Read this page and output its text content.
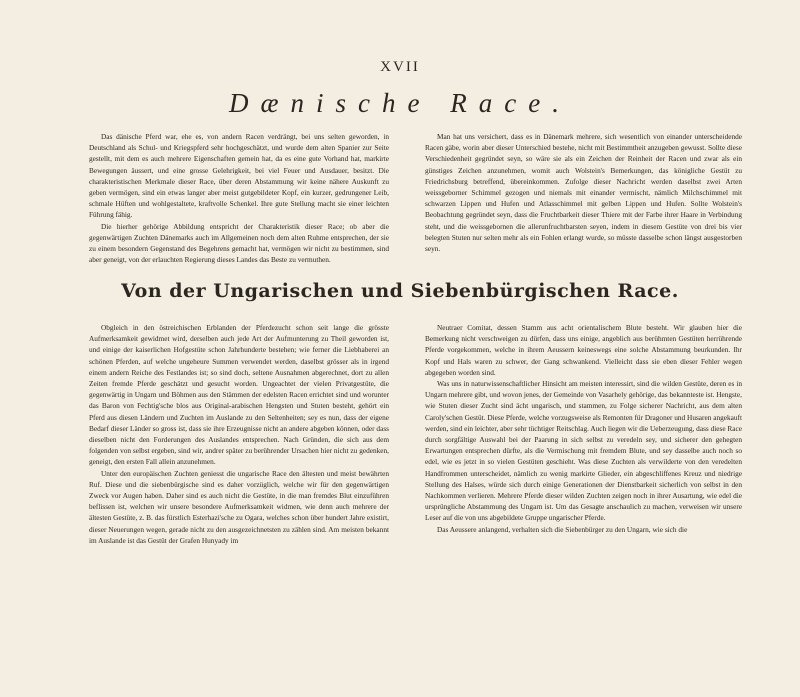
XVII
Dænische Race.

Das dänische Pferd war, ehe es, von andern Racen verdrängt, bei uns selten geworden, in Deutschland als Schul- und Kriegspferd sehr hochgeschätzt, und wurde dem alten Spanier zur Seite gestellt, mit dem es auch mehrere Eigenschaften gemein hat, da es eine gute Vorhand hat, markirte Bewegungen äussert, und eine grosse Gelehrigkeit, bei viel Feuer und Ausdauer, besitzt. Die charakteristischen Merkmale dieser Race, über deren Abstammung wir keine nähere Auskunft zu geben vermögen, sind ein etwas langer aber meist gutgebildeter Kopf, ein kurzer, gedrungener Leib, schmale Hüften und wohlgestaltete, kraftvolle Schenkel. Ihre gute Stellung macht sie einer leichten Führung fähig.

Die hierher gehörige Abbildung entspricht der Charakteristik dieser Race; ob aber die gegenwärtigen Zuchten Dänemarks auch im Allgemeinen noch dem alten Ruhme entsprechen, der sie zu einem besondern Gegenstand des Begehrens gemacht hat, vermögen wir nicht zu bestimmen, sind aber geneigt, von der erlauchten Regierung dieses Landes das Beste zu vermuthen.

Man hat uns versichert, dass es in Dänemark mehrere, sich wesentlich von einander unterscheidende Racen gäbe, worin aber dieser Unterschied bestehe, nicht mit Bestimmtheit anzugeben gewusst. Sollte diese Verschiedenheit gegründet seyn, so wäre sie als ein Zeichen der Reinheit der Racen und zwar als ein günstiges Zeichen anzunehmen, womit auch Wolstein's Bemerkungen, das königliche Gestüt zu Friedrichsburg betreffend, übereinkommen. Zufolge dieser Nachricht werden daselbst zwei Arten weissgeborner Schimmel gezogen und niemals mit einander vermischt, nämlich Milchschimmel mit schwarzen Lippen und Hufen und Atlasschimmel mit gelben Lippen und Hufen. Sollte Wolstein's Beobachtung gegründet seyn, dass die Fruchtbarkeit dieser Thiere mit der Farbe ihrer Haare in Verbindung steht, und die weissgebornen die allerunfruchtbarsten seyen, indem in diesem Gestüte von drei bis vier belegten Stuten nur selten mehr als ein Fohlen erlangt wurde, so müsste dasselbe schon längst ausgestorben seyn.

Von der Ungarischen und Siebenbürgischen Race.

Obgleich in den östreichischen Erblanden der Pferdezucht schon seit lange die grösste Aufmerksamkeit gewidmet wird, derselben auch jede Art der Aufmunterung zu Theil geworden ist, und einige der kaiserlichen Hofgestüte schon Jahrhunderte bestehen; wie ferner die Liebhaberei an schönen Pferden, auf welche ungeheure Summen verwendet werden, daselbst grösser als in irgend einem andern Reiche des Festlandes ist; so sind doch, seltene Ausnahmen abgerechnet, dort zu allen Zeiten fremde Pferde geschätzt und gesucht worden. Ungeachtet der vielen Privatgestüte, die gegenwärtig in Ungarn und Böhmen aus den Stämmen der edelsten Racen errichtet sind und worunter das Baron von Fechtig'sche blos aus Original-arabischen Hengsten und Stuten besteht, gehört ein Pferd aus diesen Ländern und Zuchten im Auslande zu den Seltenheiten; sey es nun, dass der eigene Bedarf dieser Länder so gross ist, dass sie ihre Erzeugnisse nicht an andere abgeben können, oder dass dieselben nicht den Forderungen des Auslandes entsprechen. Nach Gründen, die sich aus dem folgenden von selbst ergeben, sind wir, andrer später zu berührender Ursachen hier nicht zu gedenken, geneigt, den ersten Fall allein anzunehmen.

Unter den europäischen Zuchten geniesst die ungarische Race den ältesten und meist bewährten Ruf. Diese und die siebenbürgische sind es daher vorzüglich, welche wir für den gegenwärtigen Zweck vor Augen haben. Daher sind es auch nicht die Gestüte, in die man fremdes Blut einzuführen beflissen ist, welchen wir unsere besondere Aufmerksamkeit widmen, wie denn auch mehrere der ältesten Gestüte, z. B. das fürstlich Esterhazi'sche zu Ogara, welches schon über hundert Jahre existirt, dieser Neuerungen wegen, gerade nicht zu den ausgezeichnetsten zu zählen sind. Am meisten bekannt im Auslande ist das Gestüt der Grafen Hunyady im

Neutraer Comitat, dessen Stamm aus acht orientalischem Blute besteht. Wir glauben hier die Bemerkung nicht verschweigen zu dürfen, dass uns einige, angeblich aus berühmten Gestüten herrührende Pferde vorgekommen, welche in ihrem Aeussern keineswegs eine solche Abstammung beurkunden. Ihr Kopf und Hals waren zu schwer, der Gang schwankend. Vielleicht dass sie eben dieser Fehler wegen abgegeben worden sind.

Was uns in naturwissenschaftlicher Hinsicht am meisten interessirt, sind die wilden Gestüte, deren es in Ungarn mehrere gibt, und wovon jenes, der Gemeinde von Vasarhely gehörige, das bekannteste ist. Hengste, wie Stuten dieser Zucht sind ächt ungarisch, und stammen, zu Folge sicherer Nachricht, aus dem alten Caroly'schen Gestüt. Diese Pferde, welche vorzugsweise als Remonten für Dragoner und Husaren angekauft werden, sind ein leichter, aber sehr tüchtiger Reitschlag. Auch liegen wir die Ueberzeugung, dass diese Race durch sorgfältige Auswahl bei der Paarung in sich selbst zu veredeln sey, und sicherer den gehegten Erwartungen entsprechen dürfte, als die Vermischung mit fremdem Blute, und sey dasselbe auch noch so edel, wie es jetzt in so vielen Gestüten geschieht. Was diese Zuchten als verwilderte von den veredelten Handfrommen unterscheidet, nämlich zu wenig markirte Glieder, ein abgeschliffenes Kreuz und niedrige Stellung des Halses, würde sich durch einige Generationen der Dienstbarkeit sicherlich von selbst in den Nachkommen verlieren. Mehrere Pferde dieser wilden Zuchten zeigen noch in ihrer Ausartung, wie edel die ursprüngliche Abstammung des Ungarn ist. Um das Gesagte anschaulich zu machen, verweisen wir unsere Leser auf die von uns abgebildete Gruppe ungarischer Pferde.

Das Aeussere anlangend, verhalten sich die Siebenbürger zu den Ungarn, wie sich die
